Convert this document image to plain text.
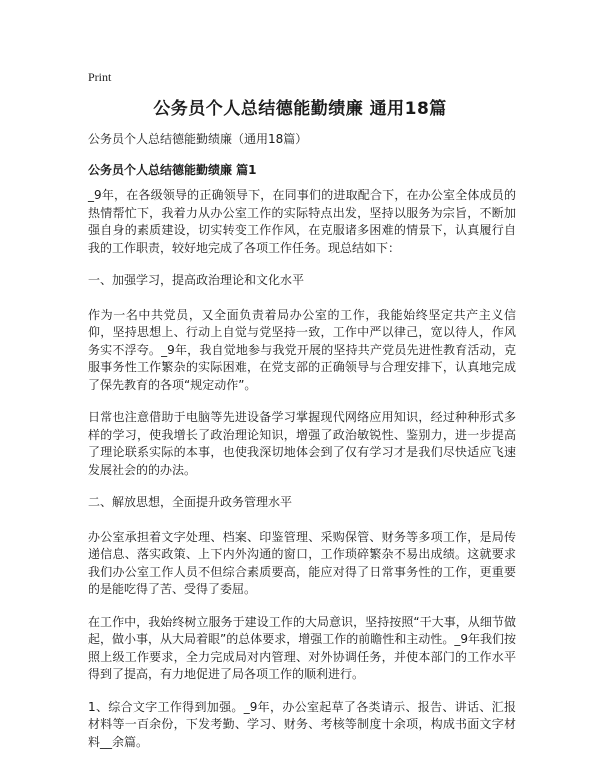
Print
公务员个人总结德能勤绩廉 通用18篇
公务员个人总结德能勤绩廉（通用18篇）
公务员个人总结德能勤绩廉 篇1

_9年，在各级领导的正确领导下，在同事们的进取配合下，在办公室全体成员的热情帮忙下，我着力从办公室工作的实际特点出发，坚持以服务为宗旨，不断加强自身的素质建设，切实转变工作作风，在克服诸多困难的情景下，认真履行自我的工作职责，较好地完成了各项工作任务。现总结如下：

一、加强学习，提高政治理论和文化水平

作为一名中共党员，又全面负责着局办公室的工作，我能始终坚定共产主义信仰，坚持思想上、行动上自觉与党坚持一致，工作中严以律己，宽以待人，作风务实不浮夸。_9年，我自觉地参与我党开展的坚持共产党员先进性教育活动，克服事务性工作繁杂的实际困难，在党支部的正确领导与合理安排下，认真地完成了保先教育的各项“规定动作”。

日常也注意借助于电脑等先进设备学习掌握现代网络应用知识，经过种种形式多样的学习，使我增长了政治理论知识，增强了政治敏锐性、鉴别力，进一步提高了理论联系实际的本事，也使我深切地体会到了仅有学习才是我们尽快适应飞速发展社会的的办法。

二、解放思想，全面提升政务管理水平

办公室承担着文字处理、档案、印鉴管理、采购保管、财务等多项工作，是局传递信息、落实政策、上下内外沟通的窗口，工作琐碎繁杂不易出成绩。这就要求我们办公室工作人员不但综合素质要高，能应对得了日常事务性的工作，更重要的是能吃得了苦、受得了委屈。

在工作中，我始终树立服务于建设工作的大局意识，坚持按照“干大事，从细节做起，做小事，从大局着眼”的总体要求，增强工作的前瞻性和主动性。_9年我们按照上级工作要求，全力完成局对内管理、对外协调任务，并使本部门的工作水平得到了提高，有力地促进了局各项工作的顺利进行。

1、综合文字工作得到加强。_9年，办公室起草了各类请示、报告、讲话、汇报材料等一百余份，下发考勤、学习、财务、考核等制度十余项，构成书面文字材料__余篇。
